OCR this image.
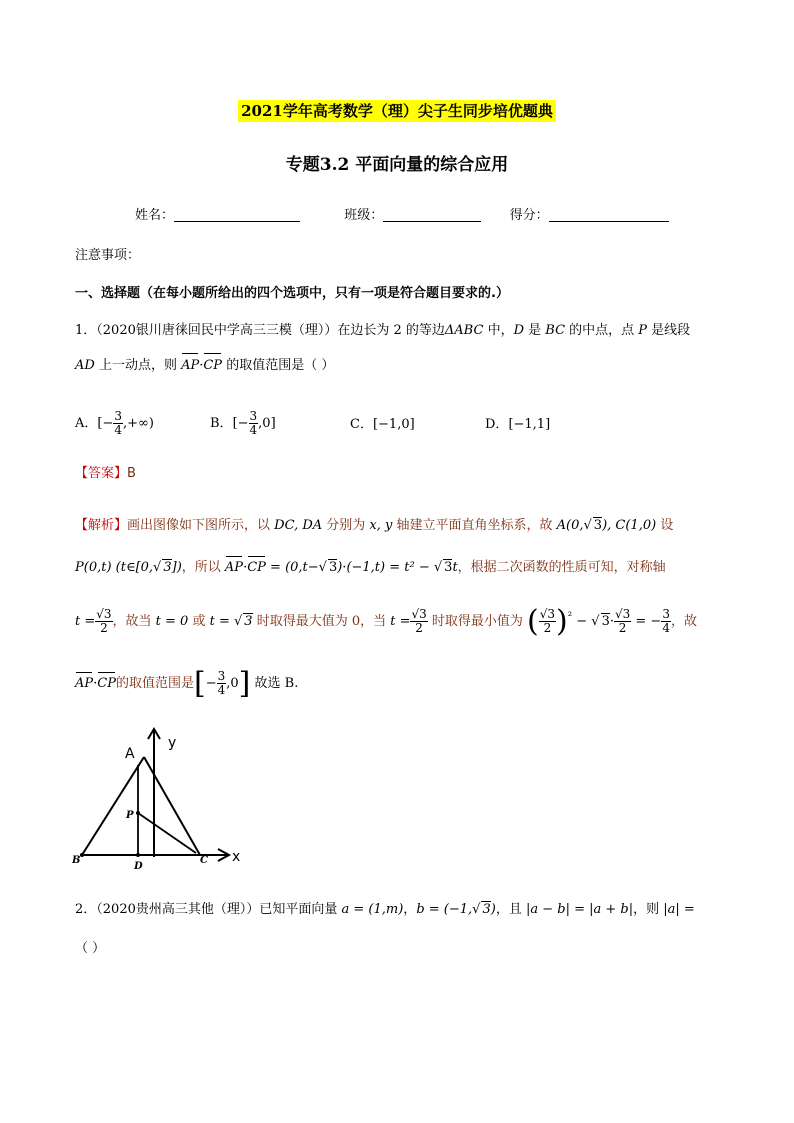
2021学年高考数学（理）尖子生同步培优题典
专题3.2 平面向量的综合应用
姓名：	班级：	得分：
注意事项：
一、选择题（在每小题所给出的四个选项中，只有一项是符合题目要求的.）
1．（2020银川唐徕回民中学高三三模（理））在边长为 2 的等边ΔABC 中，D 是 BC 的中点，点 P 是线段
AD 上一动点，则 AP·CP 的取值范围是（ ）
A．[− $\frac{3}{4}$ ,+∞)	B．[− $\frac{3}{4} ,0$]	C．[−1,0]	D．[−1,1]
【答案】B
【解析】画出图像如下图所示，以 DC, DA 分别为 x, y 轴建立平面直角坐标系，故 A(0,√ 3), C(1,0) 设
P(0,t) (t∈[0,√ 3])，所以 AP·CP = (0,t−√ 3)·(−1,t) = t² − √ 3t，根据二次函数的性质可知，对称轴
$t = \frac{√3}{2}$ ，故当 t = 0 或 t = √ 3 时取得最大值为 0，当 $t = \frac{√3}{2}$ 时取得最小值为 ( $\frac{√3}{2} )^{^2}$ − √ $3\cdot \frac{√3}{2}$ = − $\frac{3}{4}$ ，故
AP·CP的取值范围是[− $\frac{3}{4} ,0$] 故选 B.
A
y
P
B
D
C x
2．（2020贵州高三其他（理））已知平面向量 a = (1,m)，b = (−1,√ 3)，且 |a − b| = |a + b|，则 |a| =
（ ）
